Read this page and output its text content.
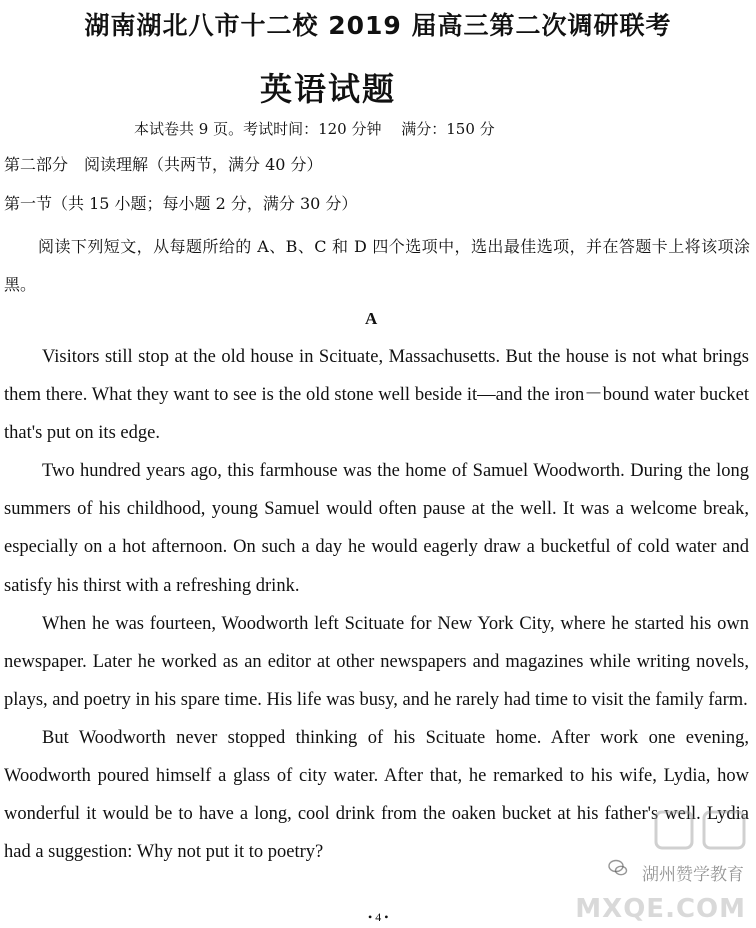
湖南湖北八市十二校 2019 届高三第二次调研联考
英语试题
本试卷共 9 页。考试时间：120 分钟　 满分：150 分
第二部分　阅读理解（共两节，满分 40 分）
第一节（共 15 小题；每小题 2 分，满分 30 分）
阅读下列短文，从每题所给的 A、B、C 和 D 四个选项中，选出最佳选项，并在答题卡上将该项涂黑。
A

Visitors still stop at the old house in Scituate, Massachusetts. But the house is not what brings them there. What they want to see is the old stone well beside it—and the iron－bound water bucket that's put on its edge.

Two hundred years ago, this farmhouse was the home of Samuel Woodworth. During the long summers of his childhood, young Samuel would often pause at the well. It was a welcome break, especially on a hot afternoon. On such a day he would eagerly draw a bucketful of cold water and satisfy his thirst with a refreshing drink.

When he was fourteen, Woodworth left Scituate for New York City, where he started his own newspaper. Later he worked as an editor at other newspapers and magazines while writing novels, plays, and poetry in his spare time. His life was busy, and he rarely had time to visit the family farm.

But Woodworth never stopped thinking of his Scituate home. After work one evening, Woodworth poured himself a glass of city water. After that, he remarked to his wife, Lydia, how wonderful it would be to have a long, cool drink from the oaken bucket at his father's well. Lydia had a suggestion: Why not put it to poetry?

• 4 •
湖州赞学教育
MXQE.COM
